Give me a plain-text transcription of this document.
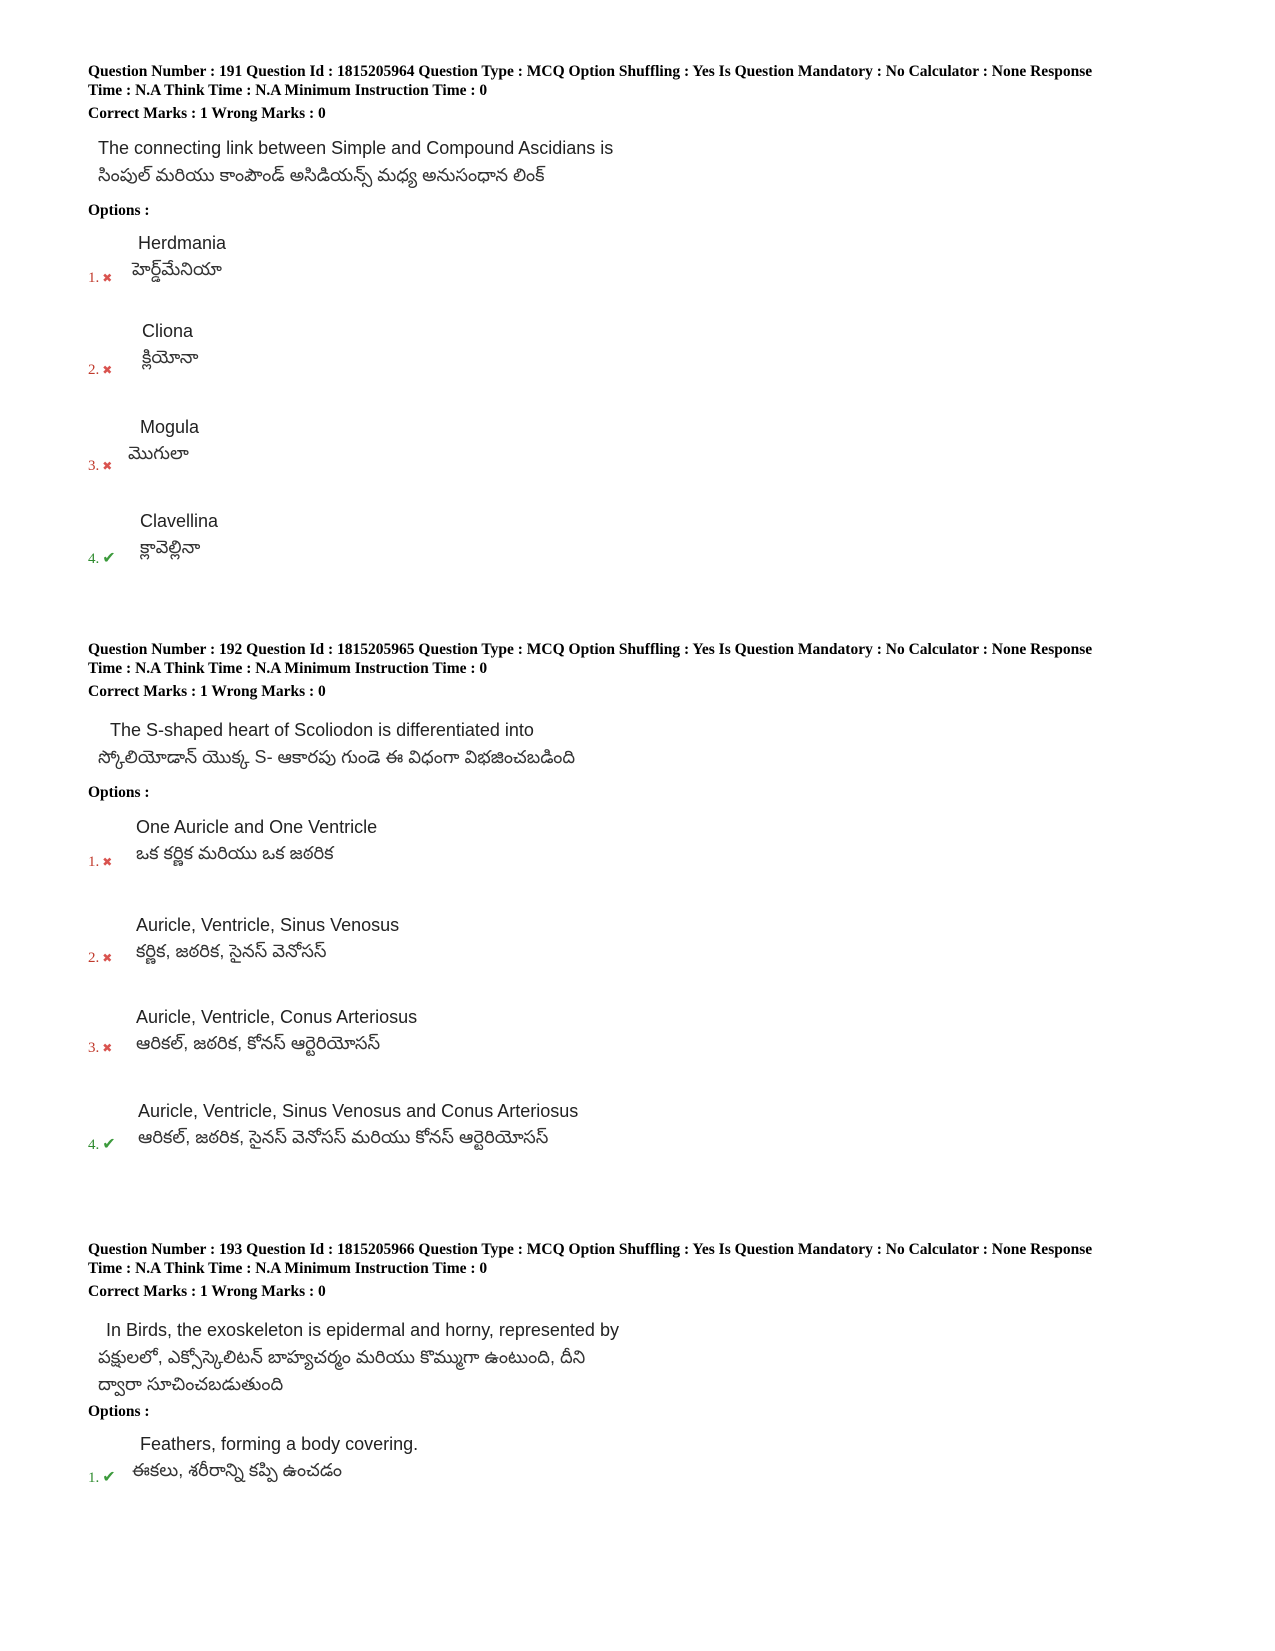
Question Number : 191 Question Id : 1815205964 Question Type : MCQ Option Shuffling : Yes Is Question Mandatory : No Calculator : None Response
Time : N.A Think Time : N.A Minimum Instruction Time : 0
Correct Marks : 1 Wrong Marks : 0
The connecting link between Simple and Compound Ascidians is
సింపుల్ మరియు కాంపౌండ్ అసిడియన్స్ మధ్య అనుసంధాన లింక్
Options :
Herdmania
హెర్డ్‌మేనియా
1. ✖
Cliona
క్లియోనా
2. ✖
Mogula
మొగులా
3. ✖
Clavellina
క్లావెల్లినా
4. ✔
Question Number : 192 Question Id : 1815205965 Question Type : MCQ Option Shuffling : Yes Is Question Mandatory : No Calculator : None Response
Time : N.A Think Time : N.A Minimum Instruction Time : 0
Correct Marks : 1 Wrong Marks : 0
The S-shaped heart of Scoliodon is differentiated into
స్కోలియోడాన్ యొక్క S- ఆకారపు గుండె ఈ విధంగా విభజించబడింది
Options :
One Auricle and One Ventricle
ఒక కర్ణిక మరియు ఒక జఠరిక
1. ✖
Auricle, Ventricle, Sinus Venosus
కర్ణిక, జఠరిక, సైనస్ వెనోసస్
2. ✖
Auricle, Ventricle, Conus Arteriosus
ఆరికల్, జఠరిక, కోనస్ ఆర్టెరియోసస్
3. ✖
Auricle, Ventricle, Sinus Venosus and Conus Arteriosus
ఆరికల్, జఠరిక, సైనస్ వెనోసస్ మరియు కోనస్ ఆర్టెరియోసస్
4. ✔
Question Number : 193 Question Id : 1815205966 Question Type : MCQ Option Shuffling : Yes Is Question Mandatory : No Calculator : None Response
Time : N.A Think Time : N.A Minimum Instruction Time : 0
Correct Marks : 1 Wrong Marks : 0
In Birds, the exoskeleton is epidermal and horny, represented by
పక్షులలో, ఎక్సోస్కెలిటన్ బాహ్యచర్మం మరియు కొమ్ముగా ఉంటుంది, దీని
ద్వారా సూచించబడుతుంది
Options :
Feathers, forming a body covering.
ఈకలు, శరీరాన్ని కప్పి ఉంచడం
1. ✔
